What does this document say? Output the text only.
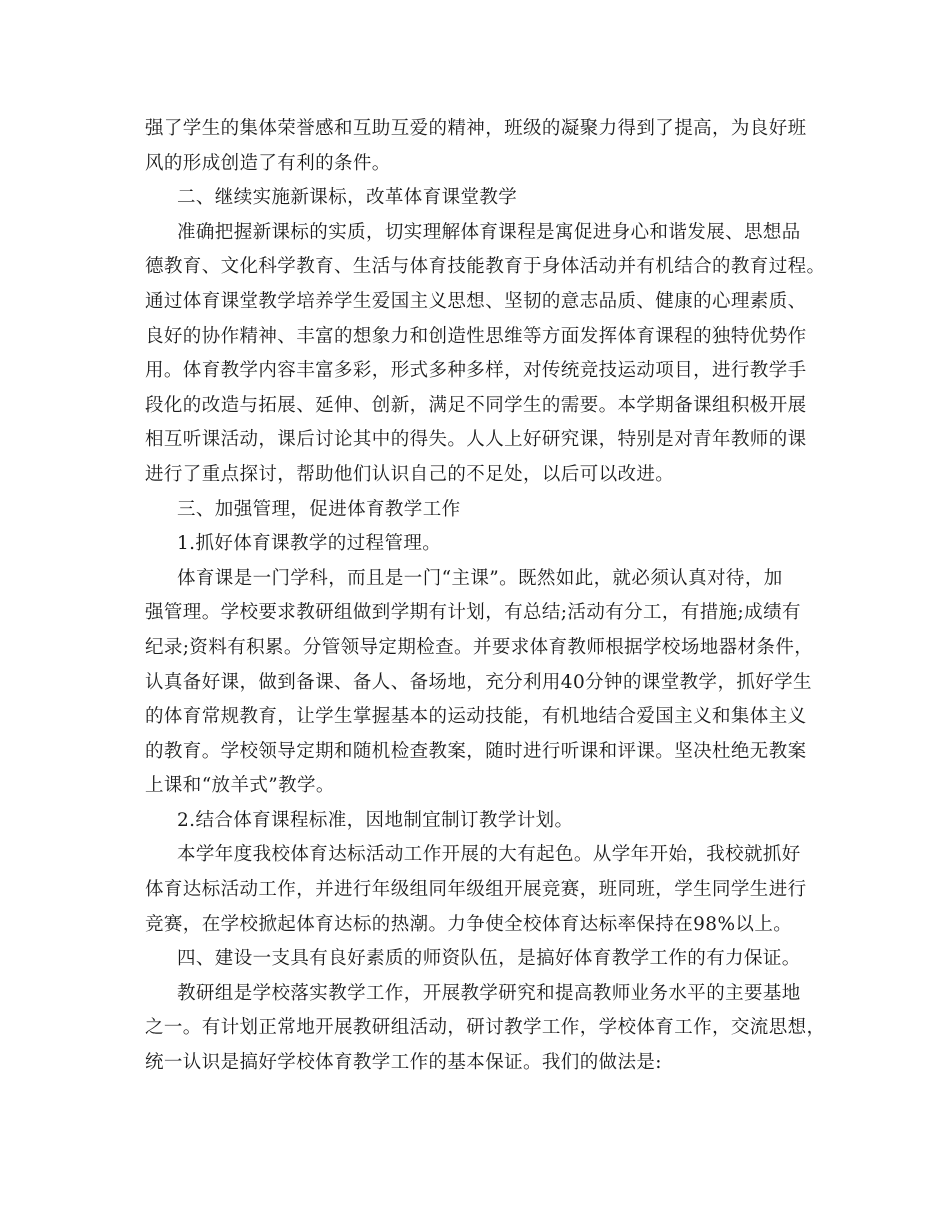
强了学生的集体荣誉感和互助互爱的精神，班级的凝聚力得到了提高，为良好班
风的形成创造了有利的条件。
二、继续实施新课标，改革体育课堂教学
准确把握新课标的实质，切实理解体育课程是寓促进身心和谐发展、思想品
德教育、文化科学教育、生活与体育技能教育于身体活动并有机结合的教育过程。
通过体育课堂教学培养学生爱国主义思想、坚韧的意志品质、健康的心理素质、
良好的协作精神、丰富的想象力和创造性思维等方面发挥体育课程的独特优势作
用。体育教学内容丰富多彩，形式多种多样，对传统竞技运动项目，进行教学手
段化的改造与拓展、延伸、创新，满足不同学生的需要。本学期备课组积极开展
相互听课活动，课后讨论其中的得失。人人上好研究课，特别是对青年教师的课
进行了重点探讨，帮助他们认识自己的不足处，以后可以改进。
三、加强管理，促进体育教学工作
1.抓好体育课教学的过程管理。
体育课是一门学科，而且是一门“主课”。既然如此，就必须认真对待，加
强管理。学校要求教研组做到学期有计划，有总结;活动有分工，有措施;成绩有
纪录;资料有积累。分管领导定期检查。并要求体育教师根据学校场地器材条件，
认真备好课，做到备课、备人、备场地，充分利用40分钟的课堂教学，抓好学生
的体育常规教育，让学生掌握基本的运动技能，有机地结合爱国主义和集体主义
的教育。学校领导定期和随机检查教案，随时进行听课和评课。坚决杜绝无教案
上课和“放羊式”教学。
2.结合体育课程标准，因地制宜制订教学计划。
本学年度我校体育达标活动工作开展的大有起色。从学年开始，我校就抓好
体育达标活动工作，并进行年级组同年级组开展竞赛，班同班，学生同学生进行
竞赛，在学校掀起体育达标的热潮。力争使全校体育达标率保持在98%以上。
四、建设一支具有良好素质的师资队伍，是搞好体育教学工作的有力保证。
教研组是学校落实教学工作，开展教学研究和提高教师业务水平的主要基地
之一。有计划正常地开展教研组活动，研讨教学工作，学校体育工作，交流思想，
统一认识是搞好学校体育教学工作的基本保证。我们的做法是:
